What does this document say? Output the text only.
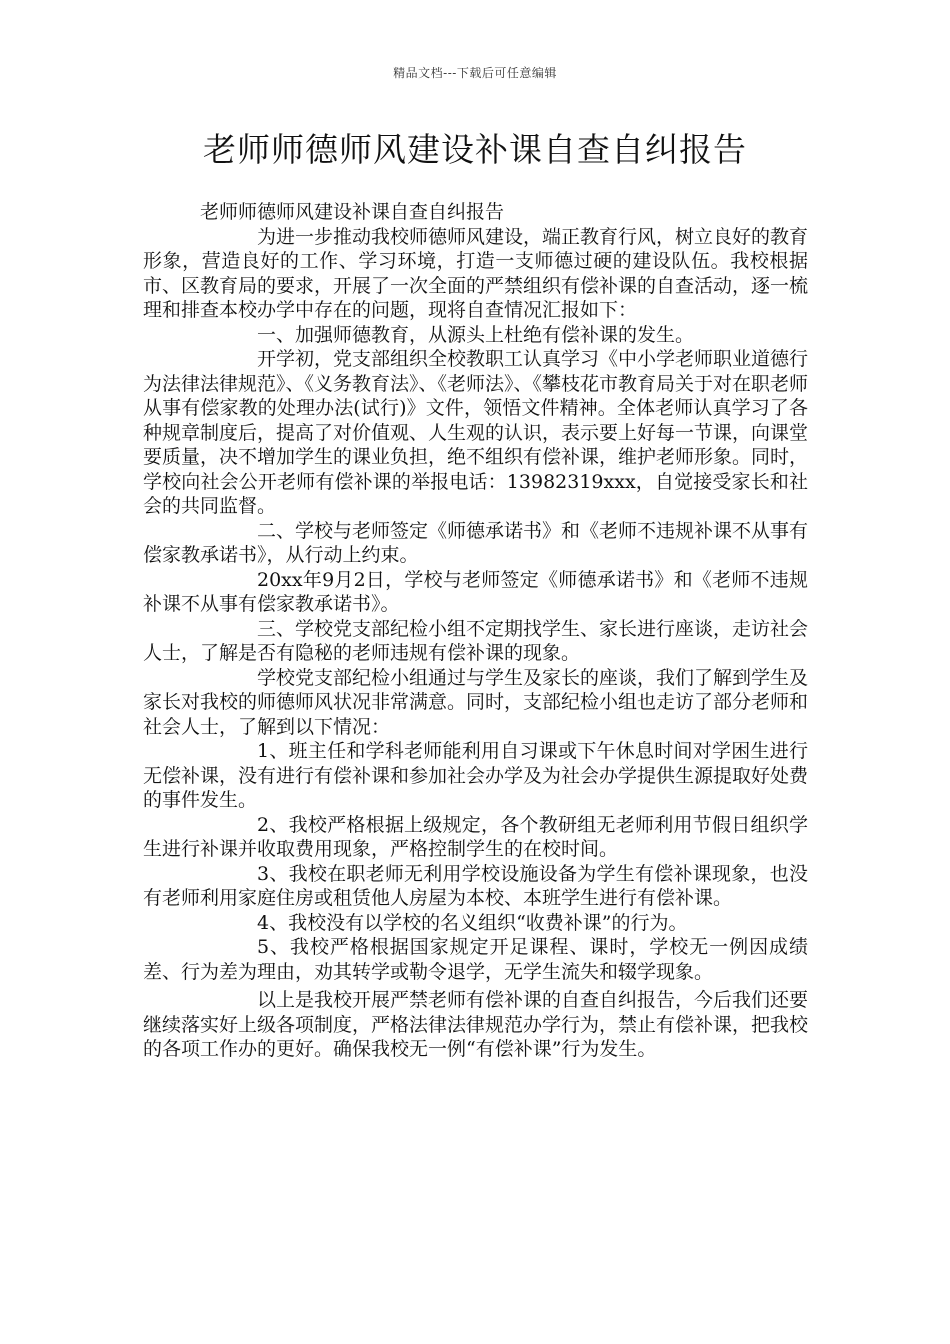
精品文档---下载后可任意编辑
老师师德师风建设补课自查自纠报告

老师师德师风建设补课自查自纠报告

为进一步推动我校师德师风建设，端正教育行风，树立良好的教育形象，营造良好的工作、学习环境，打造一支师德过硬的建设队伍。我校根据市、区教育局的要求，开展了一次全面的严禁组织有偿补课的自查活动，逐一梳理和排查本校办学中存在的问题，现将自查情况汇报如下：

一、加强师德教育，从源头上杜绝有偿补课的发生。

开学初，党支部组织全校教职工认真学习《中小学老师职业道德行为法律法律规范》、《义务教育法》、《老师法》、《攀枝花市教育局关于对在职老师从事有偿家教的处理办法(试行)》文件，领悟文件精神。全体老师认真学习了各种规章制度后，提高了对价值观、人生观的认识，表示要上好每一节课，向课堂要质量，决不增加学生的课业负担，绝不组织有偿补课，维护老师形象。同时，学校向社会公开老师有偿补课的举报电话：13982319xxx，自觉接受家长和社会的共同监督。

二、学校与老师签定《师德承诺书》和《老师不违规补课不从事有偿家教承诺书》，从行动上约束。

20xx年9月2日，学校与老师签定《师德承诺书》和《老师不违规补课不从事有偿家教承诺书》。

三、学校党支部纪检小组不定期找学生、家长进行座谈，走访社会人士，了解是否有隐秘的老师违规有偿补课的现象。

学校党支部纪检小组通过与学生及家长的座谈，我们了解到学生及家长对我校的师德师风状况非常满意。同时，支部纪检小组也走访了部分老师和社会人士，了解到以下情况：

1、班主任和学科老师能利用自习课或下午休息时间对学困生进行无偿补课，没有进行有偿补课和参加社会办学及为社会办学提供生源提取好处费的事件发生。

2、我校严格根据上级规定，各个教研组无老师利用节假日组织学生进行补课并收取费用现象，严格控制学生的在校时间。

3、我校在职老师无利用学校设施设备为学生有偿补课现象，也没有老师利用家庭住房或租赁他人房屋为本校、本班学生进行有偿补课。

4、我校没有以学校的名义组织“收费补课”的行为。

5、我校严格根据国家规定开足课程、课时，学校无一例因成绩差、行为差为理由，劝其转学或勒令退学，无学生流失和辍学现象。

以上是我校开展严禁老师有偿补课的自查自纠报告，今后我们还要继续落实好上级各项制度，严格法律法律规范办学行为，禁止有偿补课，把我校的各项工作办的更好。确保我校无一例“有偿补课”行为发生。
